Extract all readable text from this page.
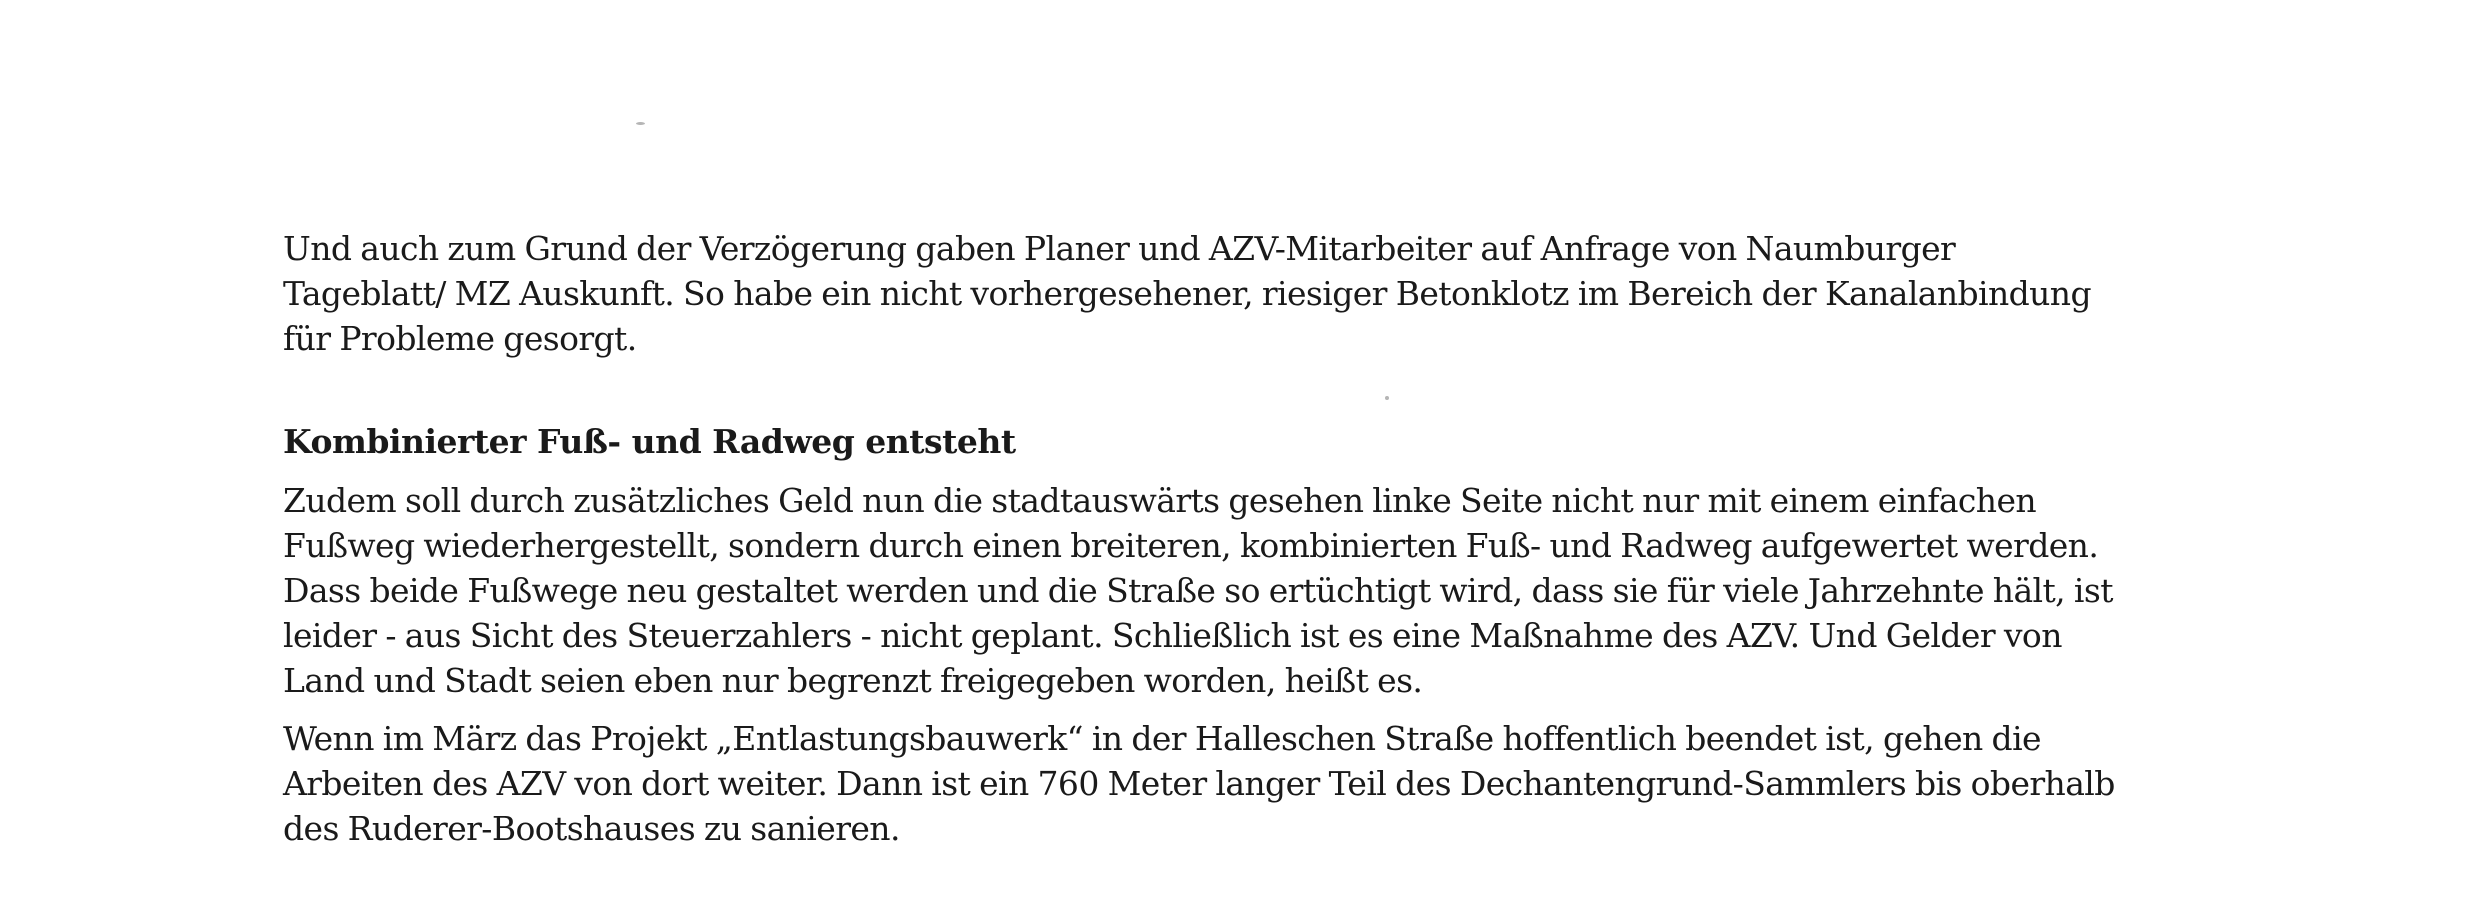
Und auch zum Grund der Verzögerung gaben Planer und AZV-Mitarbeiter auf Anfrage von Naumburger
Tageblatt/ MZ Auskunft. So habe ein nicht vorhergesehener, riesiger Betonklotz im Bereich der Kanalanbindung
für Probleme gesorgt.
Kombinierter Fuß- und Radweg entsteht
Zudem soll durch zusätzliches Geld nun die stadtauswärts gesehen linke Seite nicht nur mit einem einfachen
Fußweg wiederhergestellt, sondern durch einen breiteren, kombinierten Fuß- und Radweg aufgewertet werden.
Dass beide Fußwege neu gestaltet werden und die Straße so ertüchtigt wird, dass sie für viele Jahrzehnte hält, ist
leider - aus Sicht des Steuerzahlers - nicht geplant. Schließlich ist es eine Maßnahme des AZV. Und Gelder von
Land und Stadt seien eben nur begrenzt freigegeben worden, heißt es.
Wenn im März das Projekt „Entlastungsbauwerk“ in der Halleschen Straße hoffentlich beendet ist, gehen die
Arbeiten des AZV von dort weiter. Dann ist ein 760 Meter langer Teil des Dechantengrund-Sammlers bis oberhalb
des Ruderer-Bootshauses zu sanieren.
